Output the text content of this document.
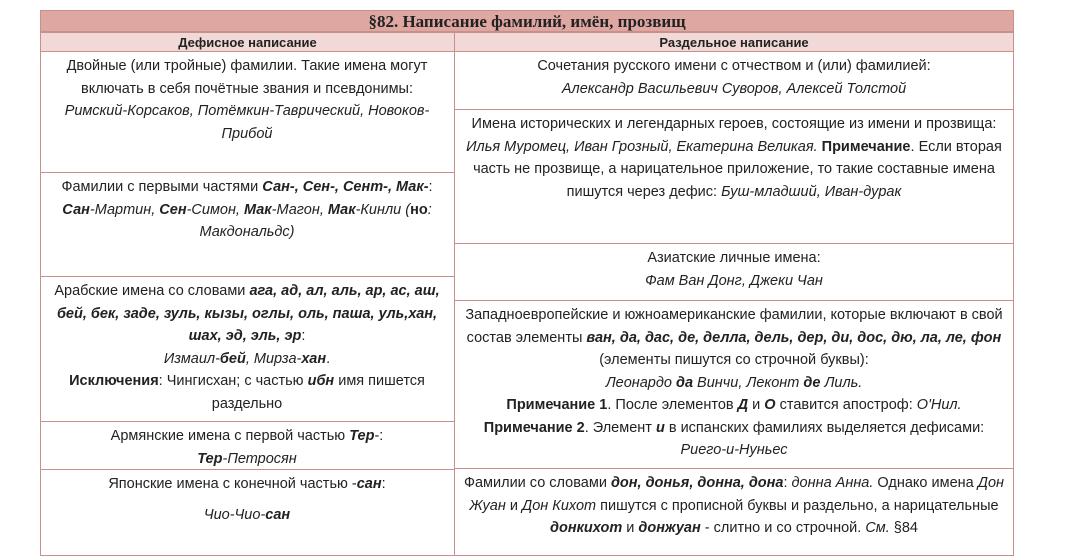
§82. Написание фамилий, имён, прозвищ
Дефисное написание	Раздельное написание

Двойные (или тройные) фамилии. Такие имена могут включать в себя почётные звания и псевдонимы:

Римский-Корсаков, Потёмкин-Таврический, Новоков-Прибой

Фамилии с первыми частями Сан-, Сен-, Сент-, Мак-:

Сан-Мартин, Сен-Симон, Мак-Магон, Мак-Кинли (но: Макдональдс)

Арабские имена со словами ага, ад, ал, аль, ар, ас, аш, бей, бек, заде, зуль, кызы, оглы, оль, паша, уль,хан, шах, эд, эль, эр:

Измаил-бей, Мирза-хан.

Исключения: Чингисхан; с частью ибн имя пишется раздельно

Армянские имена с первой частью Тер-:

Тер-Петросян

Японские имена с конечной частью -сан:

Чио-Чио-сан

Сочетания русского имени с отчеством и (или) фамилией:

Александр Васильевич Суворов, Алексей Толстой

Имена исторических и легендарных героев, состоящие из имени и прозвища:

Илья Муромец, Иван Грозный, Екатерина Великая. Примечание. Если вторая часть не прозвище, а нарицательное приложение, то такие составные имена пишутся через дефис: Буш-младший, Иван-дурак

Азиатские личные имена:

Фам Ван Донг, Джеки Чан

Западноевропейские и южноамериканские фамилии, которые включают в свой состав элементы ван, да, дас, де, делла, дель, дер, ди, дос, дю, ла, ле, фон (элементы пишутся со строчной буквы):

Леонардо да Винчи, Леконт де Лиль.

Примечание 1. После элементов Д и О ставится апостроф: О'Нил.

Примечание 2. Элемент и в испанских фамилиях выделяется дефисами: Риего-и-Нуньес

Фамилии со словами дон, донья, донна, дона: донна Анна. Однако имена Дон Жуан и Дон Кихот пишутся с прописной буквы и раздельно, а нарицательные донкихот и донжуан - слитно и со строчной. См. §84
